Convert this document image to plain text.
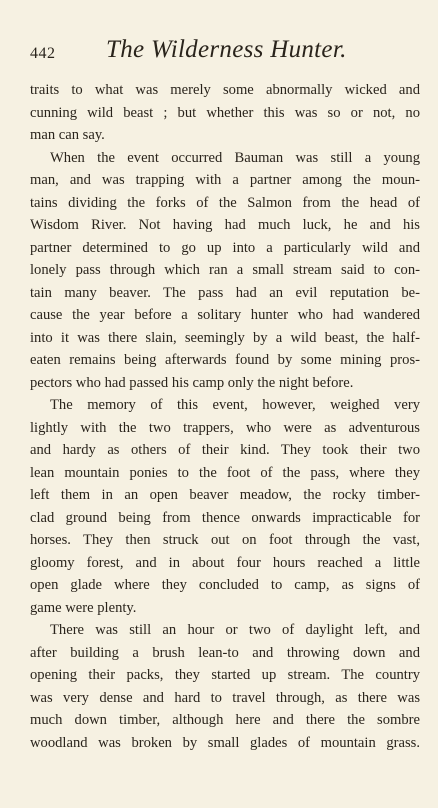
442 The Wilderness Hunter.
traits to what was merely some abnormally wicked and
cunning wild beast ; but whether this was so or not, no
man can say.
When the event occurred Bauman was still a young
man, and was trapping with a partner among the moun-
tains dividing the forks of the Salmon from the head of
Wisdom River. Not having had much luck, he and his
partner determined to go up into a particularly wild and
lonely pass through which ran a small stream said to con-
tain many beaver. The pass had an evil reputation be-
cause the year before a solitary hunter who had wandered
into it was there slain, seemingly by a wild beast, the half-
eaten remains being afterwards found by some mining pros-
pectors who had passed his camp only the night before.
The memory of this event, however, weighed very
lightly with the two trappers, who were as adventurous
and hardy as others of their kind. They took their two
lean mountain ponies to the foot of the pass, where they
left them in an open beaver meadow, the rocky timber-
clad ground being from thence onwards impracticable for
horses. They then struck out on foot through the vast,
gloomy forest, and in about four hours reached a little
open glade where they concluded to camp, as signs of
game were plenty.
There was still an hour or two of daylight left, and
after building a brush lean-to and throwing down and
opening their packs, they started up stream. The country
was very dense and hard to travel through, as there was
much down timber, although here and there the sombre
woodland was broken by small glades of mountain grass.
